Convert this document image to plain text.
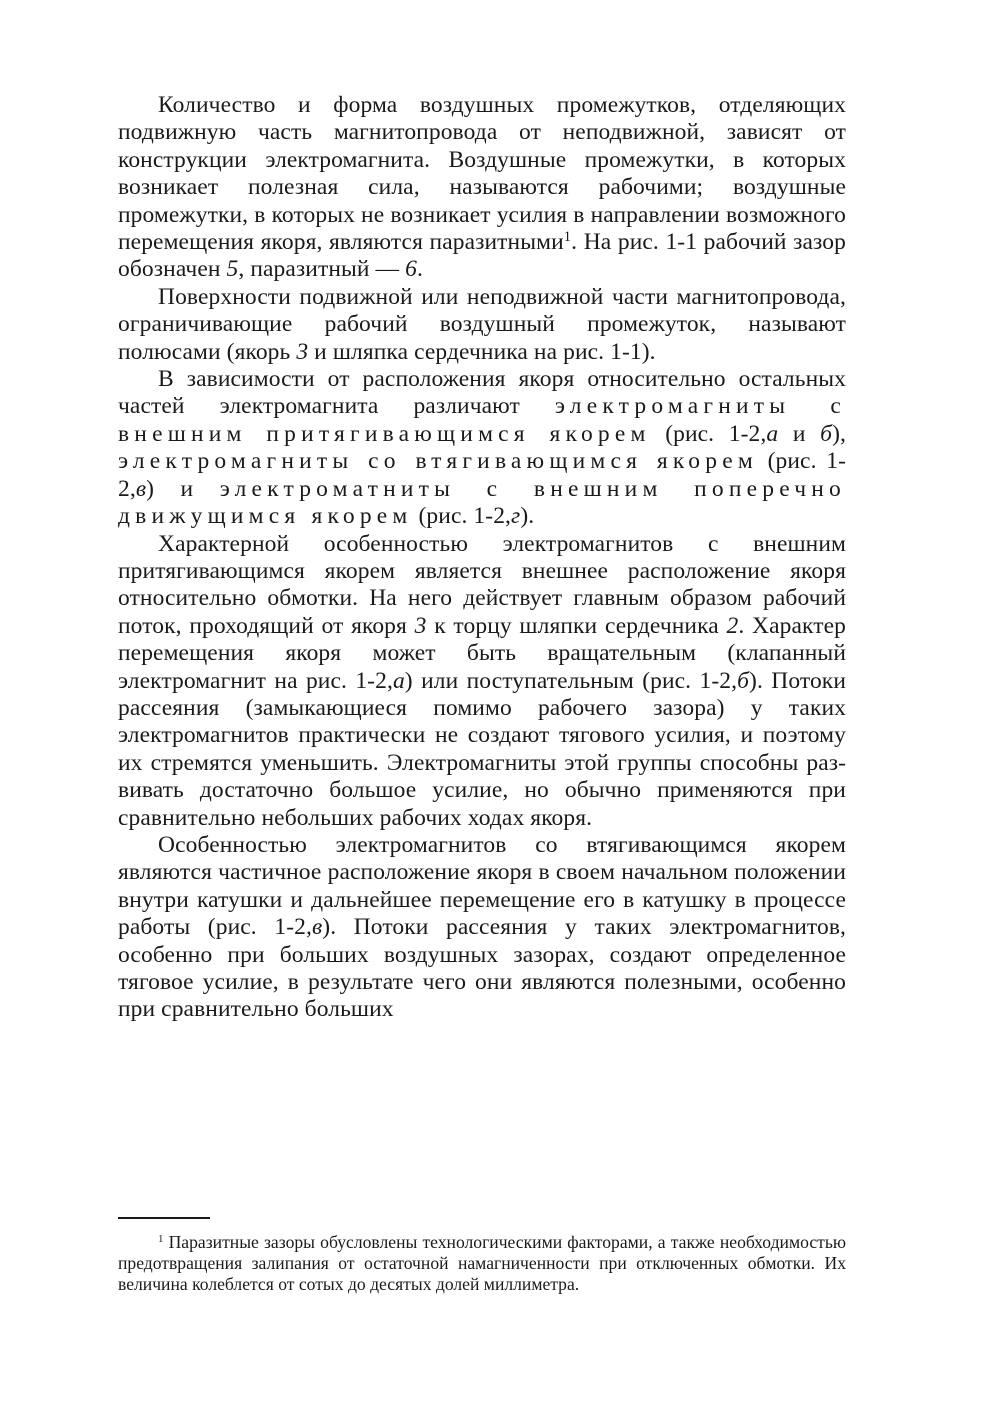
Количество и форма воздушных промежутков, отделяющих подвижную часть магнитопровода от неподвижной, зависят от конструкции электромагнита. Воздушные промежутки, в которых возникает полезная сила, называются рабочими; воздушные промежутки, в которых не возникает усилия в направлении возможного перемещения якоря, являются паразитными$^1$. На рис. 1-1 рабочий зазор обозначен 5, паразитный — 6.

Поверхности подвижной или неподвижной части магнитопровода, ограничивающие рабочий воздушный промежуток, называют полюсами (якорь 3 и шляпка сердечника на рис. 1-1).

В зависимости от расположения якоря относительно остальных частей электромагнита различают электромагниты с внешним притягивающимся якорем (рис. 1-2,а и б), электромагниты со втягивающимся якорем (рис. 1-2,в) и электроматниты с внешним поперечно движущимся якорем (рис. 1-2,г).

Характерной особенностью электромагнитов с внешним притягивающимся якорем является внешнее расположение якоря относительно обмотки. На него действует главным образом рабочий поток, проходящий от якоря 3 к торцу шляпки сердечника 2. Характер перемещения якоря может быть вращательным (клапанный электромагнит на рис. 1-2,а) или поступательным (рис. 1-2,б). Потоки рассеяния (замыкающиеся помимо рабочего зазора) у таких электромагнитов практически не создают тягового усилия, и поэтому их стремятся уменьшить. Электромагниты этой группы способны развивать достаточно большое усилие, но обычно применяются при сравнительно небольших рабочих ходах якоря.

Особенностью электромагнитов со втягивающимся якорем являются частичное расположение якоря в своем начальном положении внутри катушки и дальнейшее перемещение его в катушку в процессе работы (рис. 1-2,в). Потоки рассеяния у таких электромагнитов, особенно при больших воздушных зазорах, создают определенное тяговое усилие, в результате чего они являются полезными, особенно при сравнительно больших

$^1$ Паразитные зазоры обусловлены технологическими факторами, а также необходимостью предотвращения залипания от остаточной намагниченности при отключенных обмотки. Их величина колеблется от сотых до десятых долей миллиметра.
